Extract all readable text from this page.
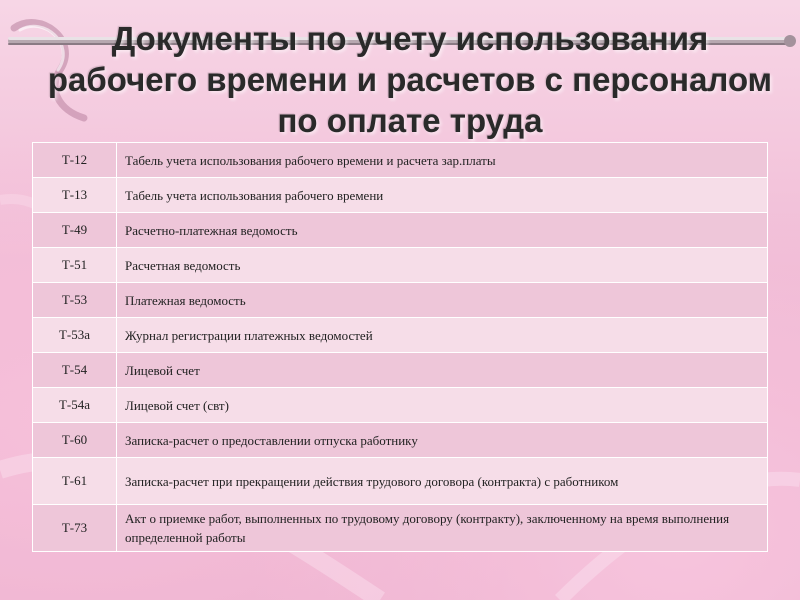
Документы по учету использования рабочего времени и расчетов с персоналом по оплате труда
Т-12	Табель учета использования рабочего времени и расчета зар.платы
Т-13	Табель учета использования рабочего времени
Т-49	Расчетно-платежная ведомость
Т-51	Расчетная ведомость
Т-53	Платежная ведомость
Т-53а	Журнал регистрации платежных ведомостей
Т-54	Лицевой счет
Т-54а	Лицевой счет (свт)
Т-60	Записка-расчет о предоставлении отпуска работнику
Т-61	Записка-расчет при прекращении действия трудового договора (контракта) с работником
Т-73	Акт о приемке работ, выполненных по трудовому договору (контракту), заключенному на время выполнения определенной работы
